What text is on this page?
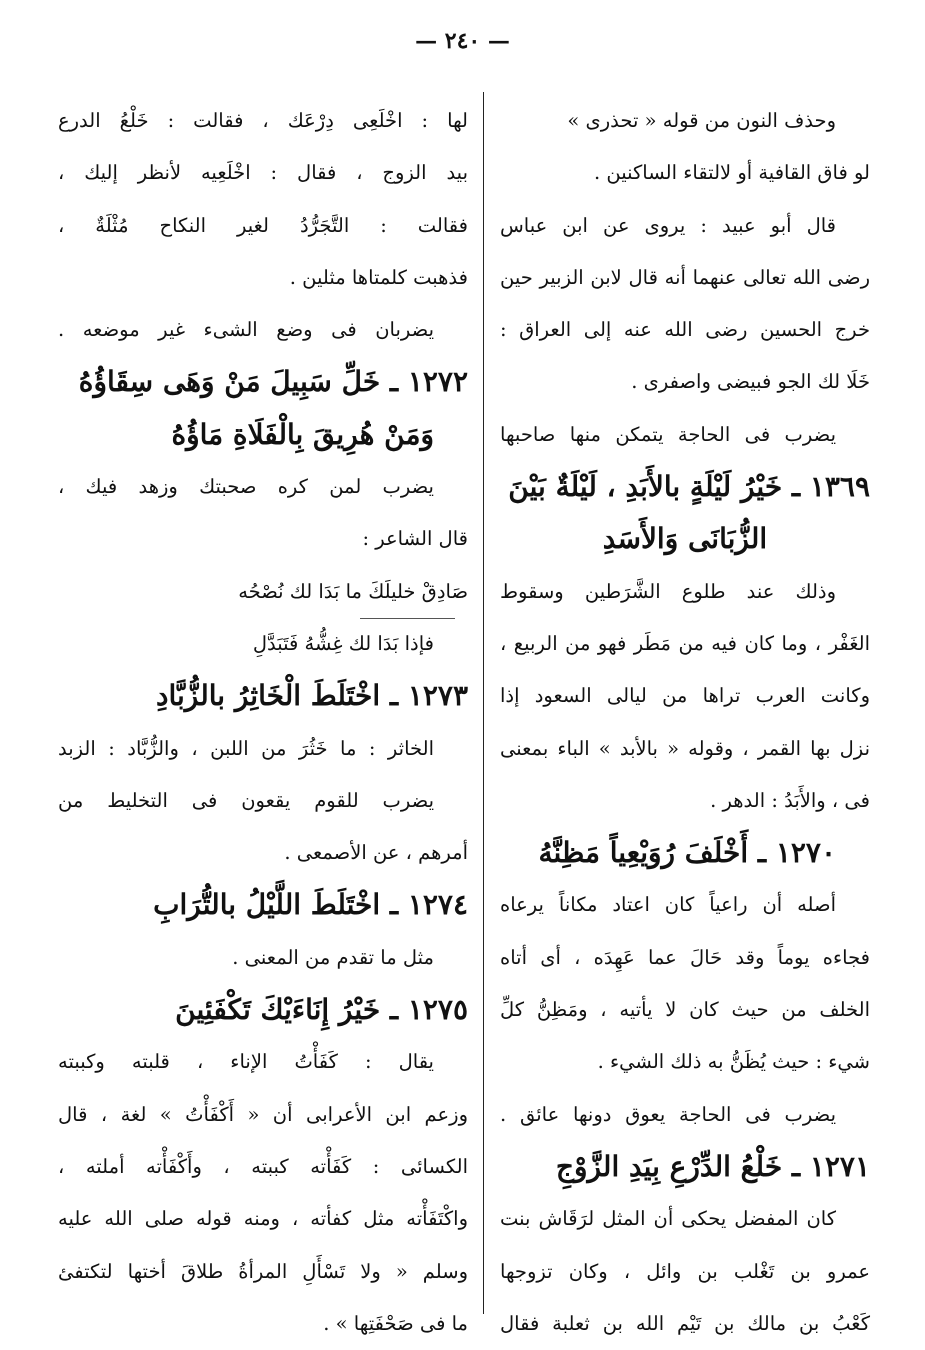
— ٢٤٠ —
وحذف النون من قوله « تحذرى »
لو فاق القافية أو لالتقاء الساكنين .
قال أبو عبيد : يروى عن ابن عباس
رضى الله تعالى عنهما أنه قال لابن الزبير حين
خرج الحسين رضى الله عنه إلى العراق :
خَلَا لك الجو فبيضى واصفرى .
يضرب فى الحاجة يتمكن منها صاحبها
١٣٦٩ ـ خَيْرُ لَيْلَةٍ بالأَبَدِ ، لَيْلَةٌ بَيْنَ
الزُّبَانَى وَالأَسَدِ
وذلك عند طلوع الشَّرَطين وسقوط
الغَفْر ، وما كان فيه من مَطَر فهو من الربيع ،
وكانت العرب تراها من ليالى السعود إذا
نزل بها القمر ، وقوله « بالأبد » الباء بمعنى
فى ، والأَبَدُ : الدهر .
١٢٧٠ ـ أَخْلَفَ رُوَيْعِياً مَظِنَّهُ
أصله أن راعياً كان اعتاد مكاناً يرعاه
فجاءه يوماً وقد حَالَ عما عَهِدَه ، أى أتاه
الخلف من حيث كان لا يأتيه ، ومَظِنُّ كلِّ
شيء : حيث يُظَنُّ به ذلك الشيء .
يضرب فى الحاجة يعوق دونها عائق .
١٢٧١ ـ خَلْعُ الدِّرْعِ بِيَدِ الزَّوْجِ
كان المفضل يحكى أن المثل لرَقَاش بنت
عمرو بن تَغْلب بن وائل ، وكان تزوجها
كَعْبُ بن مالك بن تَيْم الله بن ثعلبة فقال
لها : اخْلَعِى دِرْعَك ، فقالت : خَلْعُ الدرع
بيد الزوج ، فقال : اخْلَعِيه لأنظر إليك ،
فقالت : التَّجَرُّدُ لغير النكاح مُثْلَةٌ ،
فذهبت كلمتاها مثلين .
يضربان فى وضع الشىء غير موضعه .
١٢٧٢ ـ خَلِّ سَبِيلَ مَنْ وَهَى سِقَاؤُهُ
وَمَنْ هُرِيقَ بِالْفَلَاةِ مَاؤُهُ
يضرب لمن كره صحبتك وزهد فيك ،
قال الشاعر :
صَادِقْ خليلَكَ ما بَدَا لك نُصْحُه
فإذا بَدَا لك غِشُّهُ فَتَبَدَّلِ
١٢٧٣ ـ اخْتَلَطَ الْخَاثِرُ بالزُّبَّادِ
الخاثر : ما خَثُرَ من اللبن ، والزُّبَّاد : الزبد
يضرب للقوم يقعون فى التخليط من
أمرهم ، عن الأصمعى .
١٢٧٤ ـ اخْتَلَطَ اللَّيْلُ بالتُّرَابِ
مثل ما تقدم من المعنى .
١٢٧٥ ـ خَيْرُ إِنَاءَيْكَ تَكْفَئِينَ
يقال : كَفَأْتُ الإناء ، قلبته وكببته
وزعم ابن الأعرابى أن « أَكْفَأْتُ » لغة ، قال
الكسائى : كَفَأْته كببته ، وأَكْفَأْته أملته ،
واكْتَفَأْته مثل كفأته ، ومنه قوله صلى الله عليه
وسلم « ولا تَسْأَلِ المرأةُ طلاقَ أختها لتكتفئ
ما فى صَحْفَتِها » .
